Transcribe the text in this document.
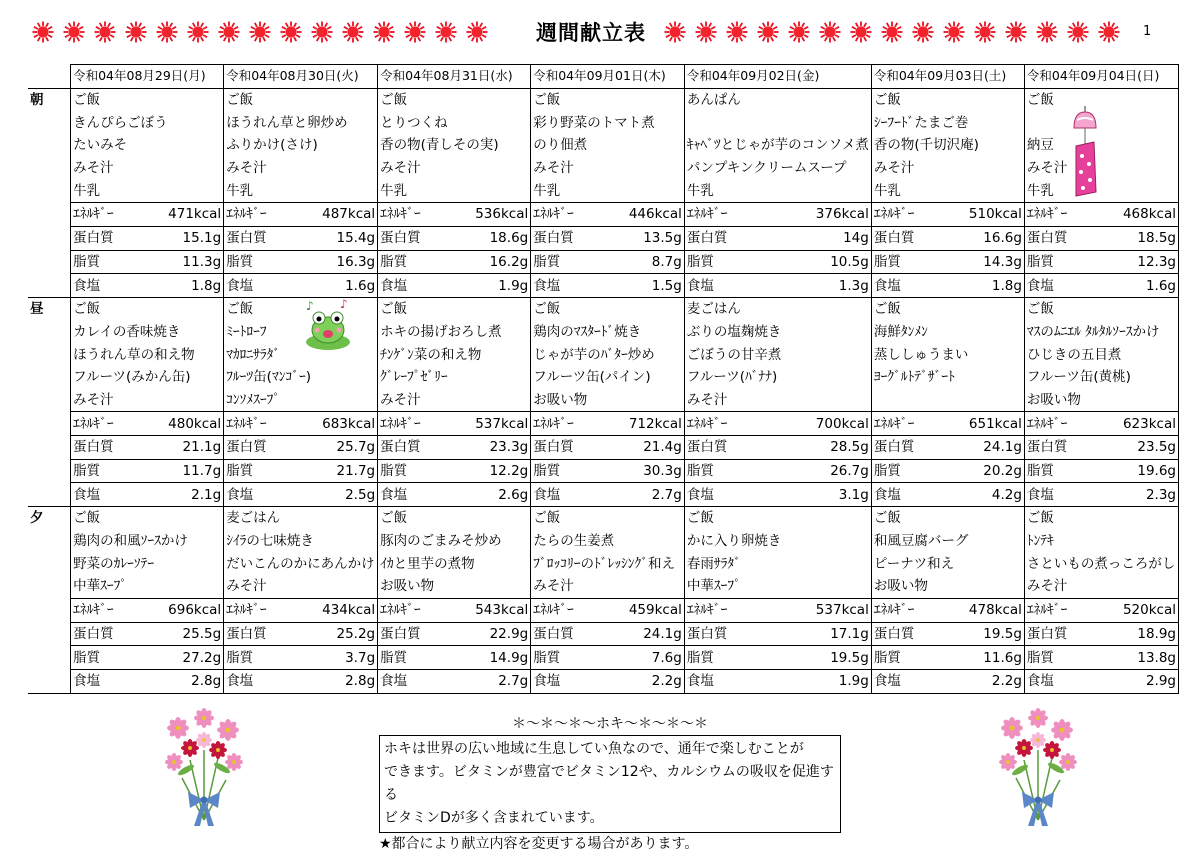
週間献立表	1
	令和04年08月29日(月)		令和04年08月30日(火)		令和04年08月31日(水)		令和04年09月01日(木)		令和04年09月02日(金)		令和04年09月03日(土)		令和04年09月04日(日)	
朝	ご飯		ご飯		ご飯		ご飯		あんぱん		ご飯		ご飯	
	きんぴらごぼう		ほうれん草と卵炒め		とりつくね		彩り野菜のトマト煮				ｼｰﾌｰﾄﾞたまご巻			
	たいみそ		ふりかけ(さけ)		香の物(青しその実)		のり佃煮		ｷｬﾍﾞﾂとじゃが芋のコンソメ煮		香の物(千切沢庵)		納豆	
	みそ汁		みそ汁		みそ汁		みそ汁		パンプキンクリームスープ		みそ汁		みそ汁	
	牛乳		牛乳		牛乳		牛乳		牛乳		牛乳		牛乳	
	ｴﾈﾙｷﾞｰ	471kcal	ｴﾈﾙｷﾞｰ	487kcal	ｴﾈﾙｷﾞｰ	536kcal	ｴﾈﾙｷﾞｰ	446kcal	ｴﾈﾙｷﾞｰ	376kcal	ｴﾈﾙｷﾞｰ	510kcal	ｴﾈﾙｷﾞｰ	468kcal
	蛋白質	15.1g	蛋白質	15.4g	蛋白質	18.6g	蛋白質	13.5g	蛋白質	14g	蛋白質	16.6g	蛋白質	18.5g
	脂質	11.3g	脂質	16.3g	脂質	16.2g	脂質	8.7g	脂質	10.5g	脂質	14.3g	脂質	12.3g
	食塩	1.8g	食塩	1.6g	食塩	1.9g	食塩	1.5g	食塩	1.3g	食塩	1.8g	食塩	1.6g
昼	ご飯		ご飯		ご飯		ご飯		麦ごはん		ご飯		ご飯	
	カレイの香味焼き		ﾐｰﾄﾛｰﾌ		ホキの揚げおろし煮		鶏肉のﾏｽﾀｰﾄﾞ焼き		ぶりの塩麹焼き		海鮮ﾀﾝﾒﾝ		ﾏｽのﾑﾆｴﾙ ﾀﾙﾀﾙｿｰｽかけ	
	ほうれん草の和え物		ﾏｶﾛﾆｻﾗﾀﾞ		ﾁﾝｹﾞﾝ菜の和え物		じゃが芋のﾊﾞﾀｰ炒め		ごぼうの甘辛煮		蒸ししゅうまい		ひじきの五目煮	
	フルーツ(みかん缶)		ﾌﾙｰﾂ缶(ﾏﾝｺﾞｰ)		ｸﾞﾚｰﾌﾟｾﾞﾘｰ		フルーツ缶(パイン)		フルーツ(ﾊﾞﾅﾅ)		ﾖｰｸﾞﾙﾄﾃﾞｻﾞｰﾄ		フルーツ缶(黄桃)	
	みそ汁		ｺﾝｿﾒｽｰﾌﾟ		みそ汁		お吸い物		みそ汁				お吸い物	
	ｴﾈﾙｷﾞｰ	480kcal	ｴﾈﾙｷﾞｰ	683kcal	ｴﾈﾙｷﾞｰ	537kcal	ｴﾈﾙｷﾞｰ	712kcal	ｴﾈﾙｷﾞｰ	700kcal	ｴﾈﾙｷﾞｰ	651kcal	ｴﾈﾙｷﾞｰ	623kcal
	蛋白質	21.1g	蛋白質	25.7g	蛋白質	23.3g	蛋白質	21.4g	蛋白質	28.5g	蛋白質	24.1g	蛋白質	23.5g
	脂質	11.7g	脂質	21.7g	脂質	12.2g	脂質	30.3g	脂質	26.7g	脂質	20.2g	脂質	19.6g
	食塩	2.1g	食塩	2.5g	食塩	2.6g	食塩	2.7g	食塩	3.1g	食塩	4.2g	食塩	2.3g
夕	ご飯		麦ごはん		ご飯		ご飯		ご飯		ご飯		ご飯	
	鶏肉の和風ｿｰｽかけ		ｼｲﾗの七味焼き		豚肉のごまみそ炒め		たらの生姜煮		かに入り卵焼き		和風豆腐バーグ		ﾄﾝﾃｷ	
	野菜のｶﾚｰｿﾃｰ		だいこんのかにあんかけ		ｲｶと里芋の煮物		ﾌﾞﾛｯｺﾘｰのﾄﾞﾚｯｼﾝｸﾞ和え		春雨ｻﾗﾀﾞ		ピーナツ和え		さといもの煮っころがし	
	中華ｽｰﾌﾟ		みそ汁		お吸い物		みそ汁		中華ｽｰﾌﾟ		お吸い物		みそ汁	
	ｴﾈﾙｷﾞｰ	696kcal	ｴﾈﾙｷﾞｰ	434kcal	ｴﾈﾙｷﾞｰ	543kcal	ｴﾈﾙｷﾞｰ	459kcal	ｴﾈﾙｷﾞｰ	537kcal	ｴﾈﾙｷﾞｰ	478kcal	ｴﾈﾙｷﾞｰ	520kcal
	蛋白質	25.5g	蛋白質	25.2g	蛋白質	22.9g	蛋白質	24.1g	蛋白質	17.1g	蛋白質	19.5g	蛋白質	18.9g
	脂質	27.2g	脂質	3.7g	脂質	14.9g	脂質	7.6g	脂質	19.5g	脂質	11.6g	脂質	13.8g
	食塩	2.8g	食塩	2.8g	食塩	2.7g	食塩	2.2g	食塩	1.9g	食塩	2.2g	食塩	2.9g
♪ ♪
＊～＊～＊～ホキ～＊～＊～＊
ホキは世界の広い地域に生息してい魚なので、通年で楽しむことが
できます。ビタミンが豊富でビタミン12や、カルシウムの吸収を促進する
ビタミンDが多く含まれています。
★都合により献立内容を変更する場合があります。
